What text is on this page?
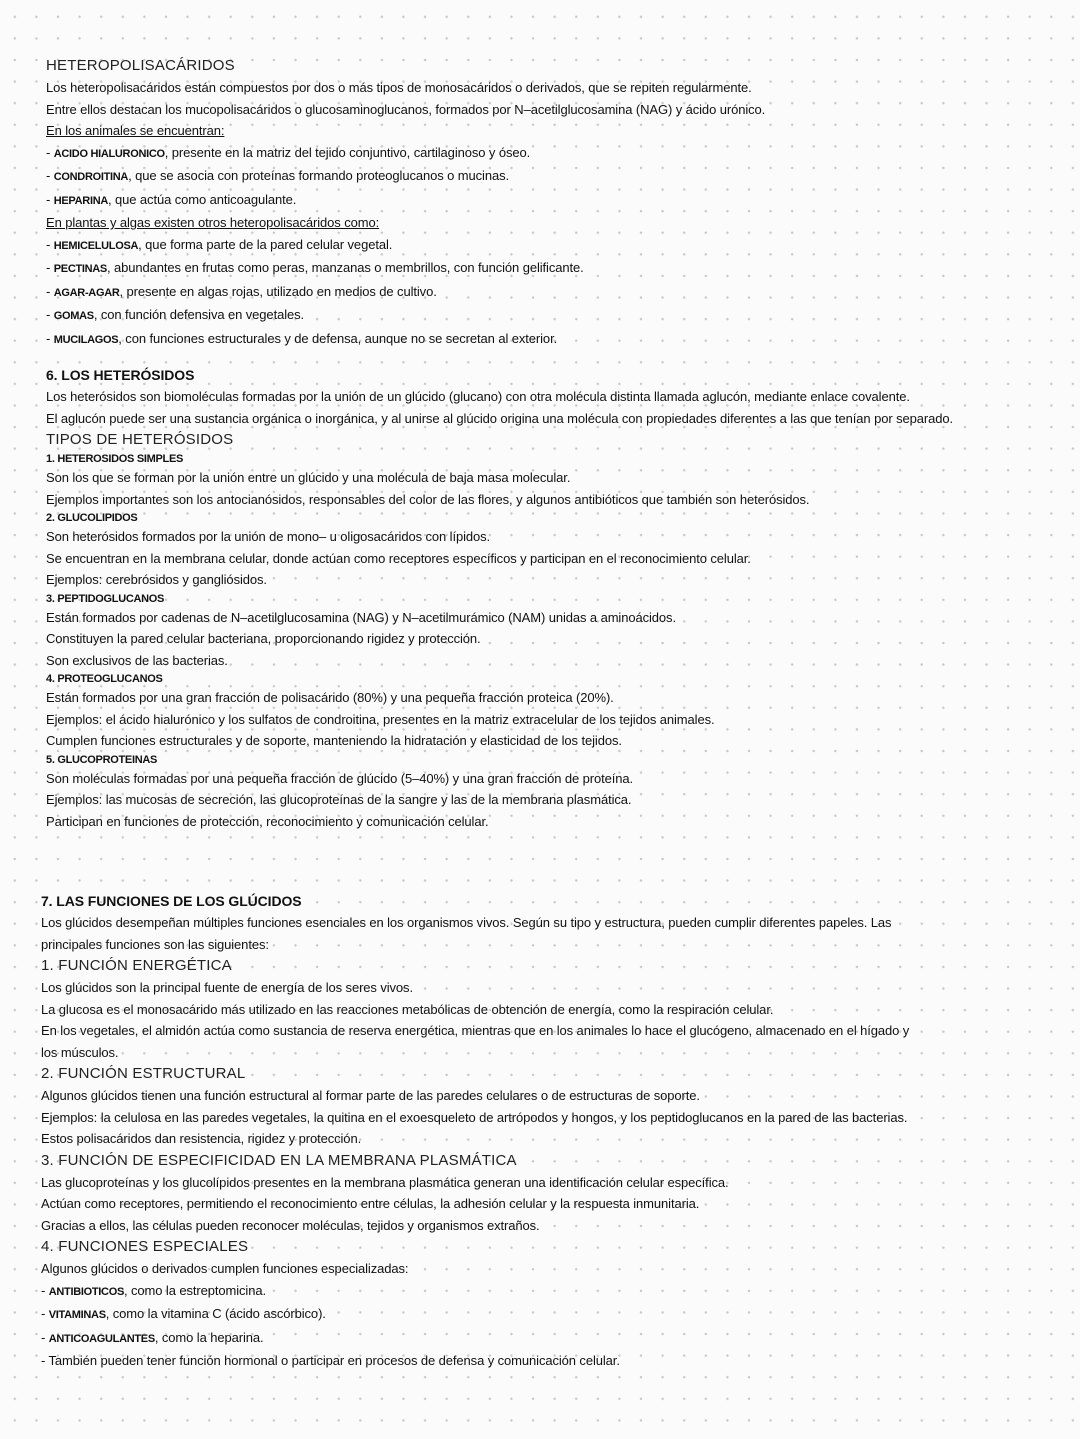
HETEROPOLISACÁRIDOS
Los heteropolisacáridos están compuestos por dos o más tipos de monosacáridos o derivados, que se repiten regularmente.
Entre ellos destacan los mucopolisacáridos o glucosaminoglucanos, formados por N–acetilglucosamina (NAG) y ácido urónico.
En los animales se encuentran:
- ACIDO HIALURONICO, presente en la matriz del tejido conjuntivo, cartilaginoso y óseo.
- CONDROITINA, que se asocia con proteínas formando proteoglucanos o mucinas.
- HEPARINA, que actúa como anticoagulante.
En plantas y algas existen otros heteropolisacáridos como:
- HEMICELULOSA, que forma parte de la pared celular vegetal.
- PECTINAS, abundantes en frutas como peras, manzanas o membrillos, con función gelificante.
- AGAR-AGAR, presente en algas rojas, utilizado en medios de cultivo.
- GOMAS, con función defensiva en vegetales.
- MUCILAGOS, con funciones estructurales y de defensa, aunque no se secretan al exterior.
6. LOS HETERÓSIDOS
Los heterósidos son biomoléculas formadas por la unión de un glúcido (glucano) con otra molécula distinta llamada aglucón, mediante enlace covalente.
El aglucón puede ser una sustancia orgánica o inorgánica, y al unirse al glúcido origina una molécula con propiedades diferentes a las que tenían por separado.
TIPOS DE HETERÓSIDOS
1. HETEROSIDOS SIMPLES
Son los que se forman por la unión entre un glúcido y una molécula de baja masa molecular.
Ejemplos importantes son los antocianósidos, responsables del color de las flores, y algunos antibióticos que también son heterósidos.
2. GLUCOLIPIDOS
Son heterósidos formados por la unión de mono– u oligosacáridos con lípidos.
Se encuentran en la membrana celular, donde actúan como receptores específicos y participan en el reconocimiento celular.
Ejemplos: cerebrósidos y gangliósidos.
3. PEPTIDOGLUCANOS
Están formados por cadenas de N–acetilglucosamina (NAG) y N–acetilmurámico (NAM) unidas a aminoácidos.
Constituyen la pared celular bacteriana, proporcionando rigidez y protección.
Son exclusivos de las bacterias.
4. PROTEOGLUCANOS
Están formados por una gran fracción de polisacárido (80%) y una pequeña fracción proteica (20%).
Ejemplos: el ácido hialurónico y los sulfatos de condroitina, presentes en la matriz extracelular de los tejidos animales.
Cumplen funciones estructurales y de soporte, manteniendo la hidratación y elasticidad de los tejidos.
5. GLUCOPROTEINAS
Son moléculas formadas por una pequeña fracción de glúcido (5–40%) y una gran fracción de proteína.
Ejemplos: las mucosas de secreción, las glucoproteínas de la sangre y las de la membrana plasmática.
Participan en funciones de protección, reconocimiento y comunicación celular.
7. LAS FUNCIONES DE LOS GLÚCIDOS
Los glúcidos desempeñan múltiples funciones esenciales en los organismos vivos. Según su tipo y estructura, pueden cumplir diferentes papeles. Las
principales funciones son las siguientes:
1. FUNCIÓN ENERGÉTICA
Los glúcidos son la principal fuente de energía de los seres vivos.
La glucosa es el monosacárido más utilizado en las reacciones metabólicas de obtención de energía, como la respiración celular.
En los vegetales, el almidón actúa como sustancia de reserva energética, mientras que en los animales lo hace el glucógeno, almacenado en el hígado y
los músculos.
2. FUNCIÓN ESTRUCTURAL
Algunos glúcidos tienen una función estructural al formar parte de las paredes celulares o de estructuras de soporte.
Ejemplos: la celulosa en las paredes vegetales, la quitina en el exoesqueleto de artrópodos y hongos, y los peptidoglucanos en la pared de las bacterias.
Estos polisacáridos dan resistencia, rigidez y protección.
3. FUNCIÓN DE ESPECIFICIDAD EN LA MEMBRANA PLASMÁTICA
Las glucoproteínas y los glucolípidos presentes en la membrana plasmática generan una identificación celular específica.
Actúan como receptores, permitiendo el reconocimiento entre células, la adhesión celular y la respuesta inmunitaria.
Gracias a ellos, las células pueden reconocer moléculas, tejidos y organismos extraños.
4. FUNCIONES ESPECIALES
Algunos glúcidos o derivados cumplen funciones especializadas:
- ANTIBIOTICOS, como la estreptomicina.
- VITAMINAS, como la vitamina C (ácido ascórbico).
- ANTICOAGULANTES, como la heparina.
- También pueden tener función hormonal o participar en procesos de defensa y comunicación celular.
